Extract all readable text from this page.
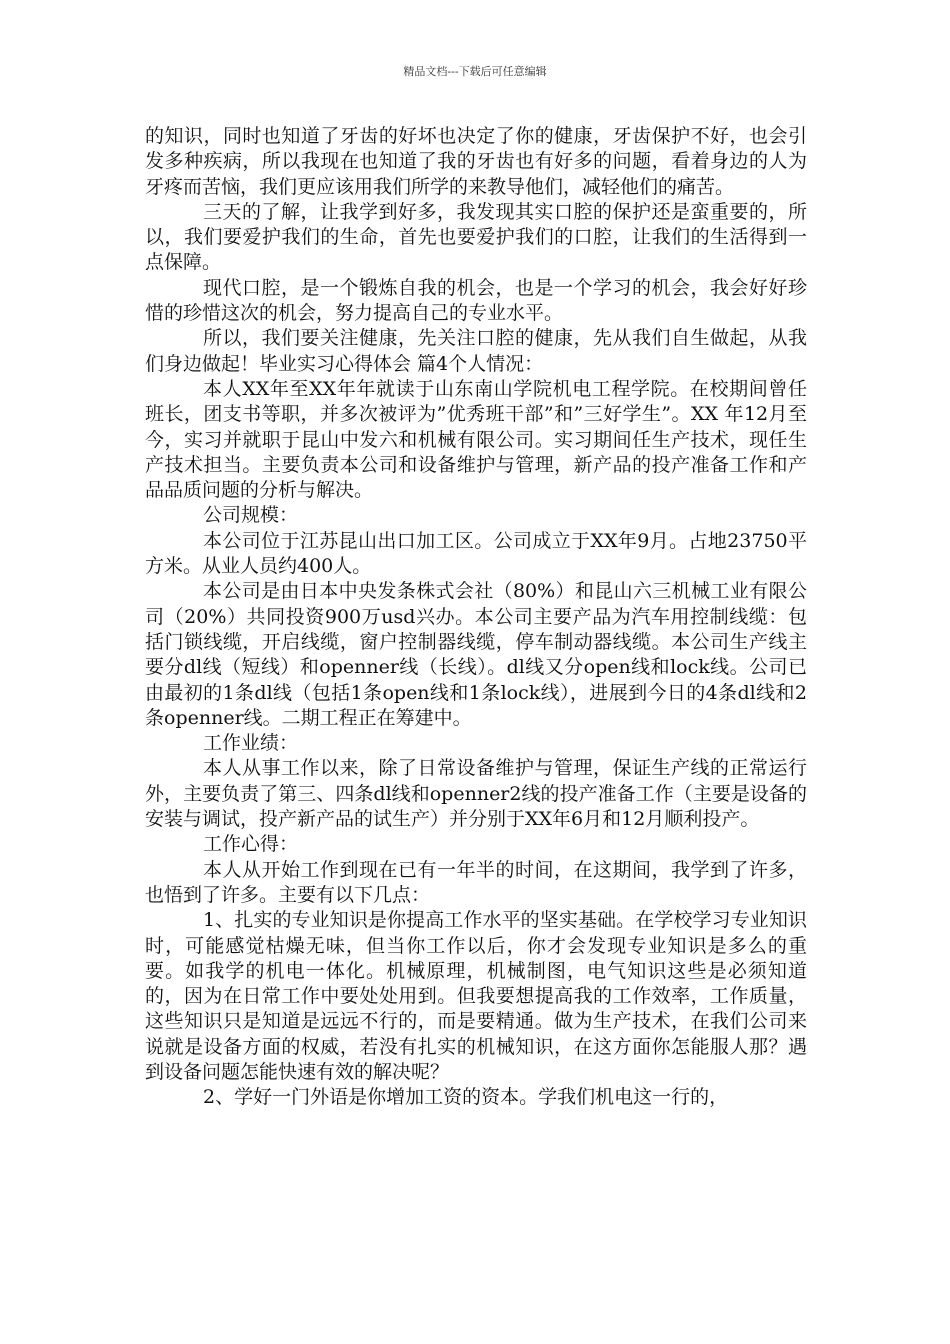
精品文档---下载后可任意编辑

的知识，同时也知道了牙齿的好坏也决定了你的健康，牙齿保护不好，也会引发多种疾病，所以我现在也知道了我的牙齿也有好多的问题，看着身边的人为牙疼而苦恼，我们更应该用我们所学的来教导他们，减轻他们的痛苦。

三天的了解，让我学到好多，我发现其实口腔的保护还是蛮重要的，所以，我们要爱护我们的生命，首先也要爱护我们的口腔，让我们的生活得到一点保障。

现代口腔，是一个锻炼自我的机会，也是一个学习的机会，我会好好珍惜的珍惜这次的机会，努力提高自己的专业水平。

所以，我们要关注健康，先关注口腔的健康，先从我们自生做起，从我们身边做起！毕业实习心得体会 篇4个人情况：

本人XX年至XX年年就读于山东南山学院机电工程学院。在校期间曾任班长，团支书等职，并多次被评为”优秀班干部”和”三好学生”。XX 年12月至今，实习并就职于昆山中发六和机械有限公司。实习期间任生产技术，现任生产技术担当。主要负责本公司和设备维护与管理，新产品的投产准备工作和产品品质问题的分析与解决。

公司规模：

本公司位于江苏昆山出口加工区。公司成立于XX年9月。占地23750平方米。从业人员约400人。

本公司是由日本中央发条株式会社（80%）和昆山六三机械工业有限公司（20%）共同投资900万usd兴办。本公司主要产品为汽车用控制线缆：包括门锁线缆，开启线缆，窗户控制器线缆，停车制动器线缆。本公司生产线主要分dl线（短线）和openner线（长线）。dl线又分open线和lock线。公司已由最初的1条dl线（包括1条open线和1条lock线），进展到今日的4条dl线和2条openner线。二期工程正在筹建中。

工作业绩：

本人从事工作以来，除了日常设备维护与管理，保证生产线的正常运行外，主要负责了第三、四条dl线和openner2线的投产准备工作（主要是设备的安装与调试，投产新产品的试生产）并分别于XX年6月和12月顺利投产。

工作心得：

本人从开始工作到现在已有一年半的时间，在这期间，我学到了许多，也悟到了许多。主要有以下几点：

1、扎实的专业知识是你提高工作水平的坚实基础。在学校学习专业知识时，可能感觉枯燥无味，但当你工作以后，你才会发现专业知识是多么的重要。如我学的机电一体化。机械原理，机械制图，电气知识这些是必须知道的，因为在日常工作中要处处用到。但我要想提高我的工作效率，工作质量，这些知识只是知道是远远不行的，而是要精通。做为生产技术，在我们公司来说就是设备方面的权威，若没有扎实的机械知识，在这方面你怎能服人那？遇到设备问题怎能快速有效的解决呢？

2、学好一门外语是你增加工资的资本。学我们机电这一行的，
